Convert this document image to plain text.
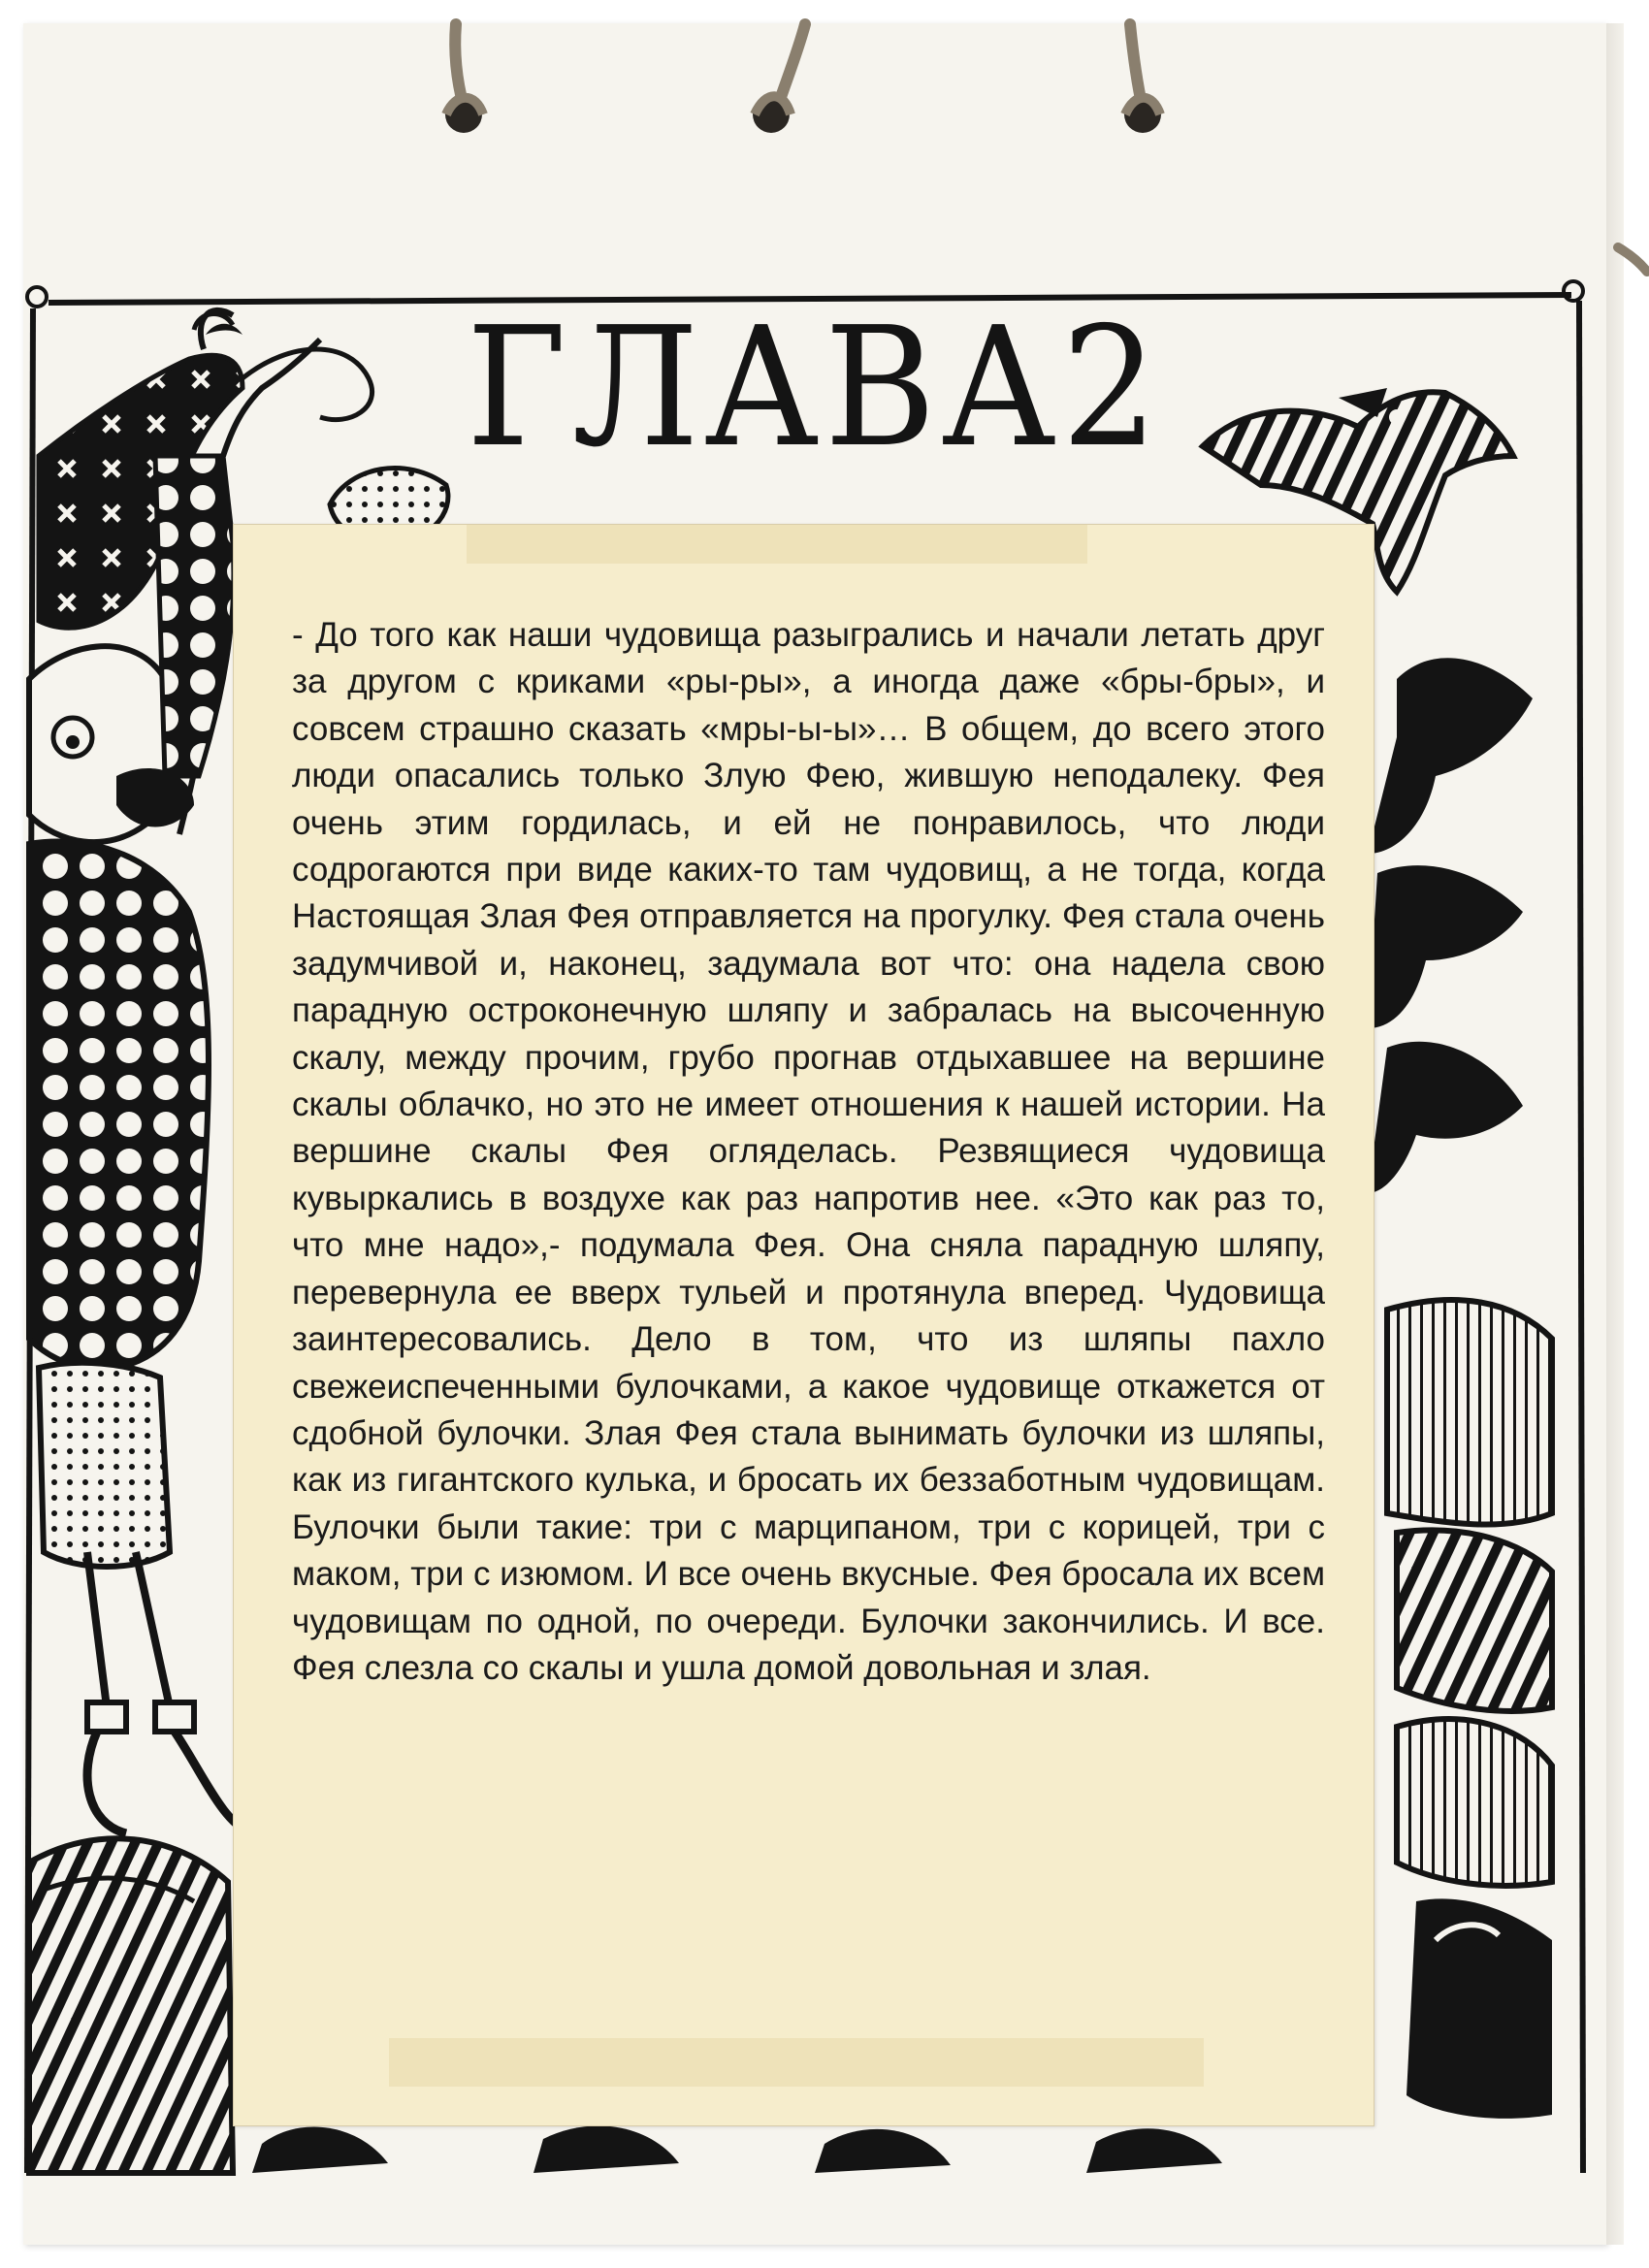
ГЛАВА2

- До того как наши чудовища разыгрались и начали летать друг за другом с криками «ры-ры», а иногда даже «бры-бры», и совсем страшно сказать «мры-ы-ы»… В общем, до всего этого люди опасались только Злую Фею, жившую неподалеку. Фея очень этим гордилась, и ей не понравилось, что люди содрогаются при виде каких-то там чудовищ, а не тогда, когда Настоящая Злая Фея отправляется на прогулку. Фея стала очень задумчивой и, наконец, задумала вот что: она надела свою парадную остроконечную шляпу и забралась на высоченную скалу, между прочим, грубо прогнав отдыхавшее на вершине скалы облачко, но это не имеет отношения к нашей истории. На вершине скалы Фея огляделась. Резвящиеся чудовища кувыркались в воздухе как раз напротив нее. «Это как раз то, что мне надо»,- подумала Фея. Она сняла парадную шляпу, перевернула ее вверх тульей и протянула вперед. Чудовища заинтересовались. Дело в том, что из шляпы пахло свежеиспеченными булочками, а какое чудовище откажется от сдобной булочки. Злая Фея стала вынимать булочки из шляпы, как из гигантского кулька, и бросать их беззаботным чудовищам. Булочки были такие: три с марципаном, три с корицей, три с маком, три с изюмом. И все очень вкусные. Фея бросала их всем чудовищам по одной, по очереди. Булочки закончились. И все. Фея слезла со скалы и ушла домой довольная и злая.
